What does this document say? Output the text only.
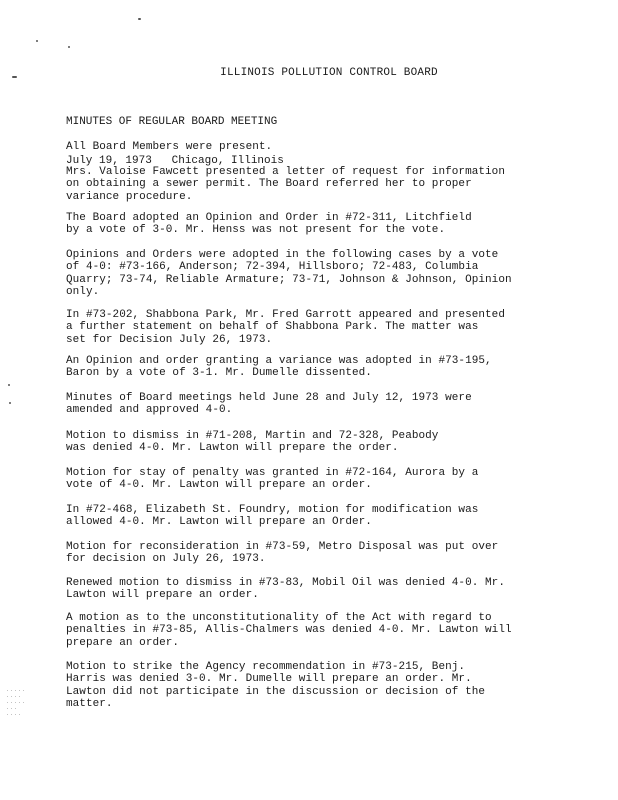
∙∙∙∙∙
∙∙∙∙
∙∙∙∙∙
∙∙∙
∙∙∙∙
ILLINOIS POLLUTION CONTROL BOARD

MINUTES OF REGULAR BOARD MEETING

July 19, 1973   Chicago, Illinois

All Board Members were present.

Mrs. Valoise Fawcett presented a letter of request for information
on obtaining a sewer permit. The Board referred her to proper
variance procedure.

The Board adopted an Opinion and Order in #72-311, Litchfield
by a vote of 3-0. Mr. Henss was not present for the vote.

Opinions and Orders were adopted in the following cases by a vote
of 4-0: #73-166, Anderson; 72-394, Hillsboro; 72-483, Columbia
Quarry; 73-74, Reliable Armature; 73-71, Johnson & Johnson, Opinion
only.

In #73-202, Shabbona Park, Mr. Fred Garrott appeared and presented
a further statement on behalf of Shabbona Park. The matter was
set for Decision July 26, 1973.

An Opinion and order granting a variance was adopted in #73-195,
Baron by a vote of 3-1. Mr. Dumelle dissented.

Minutes of Board meetings held June 28 and July 12, 1973 were
amended and approved 4-0.

Motion to dismiss in #71-208, Martin and 72-328, Peabody
was denied 4-0. Mr. Lawton will prepare the order.

Motion for stay of penalty was granted in #72-164, Aurora by a
vote of 4-0. Mr. Lawton will prepare an order.

In #72-468, Elizabeth St. Foundry, motion for modification was
allowed 4-0. Mr. Lawton will prepare an Order.

Motion for reconsideration in #73-59, Metro Disposal was put over
for decision on July 26, 1973.

Renewed motion to dismiss in #73-83, Mobil Oil was denied 4-0. Mr.
Lawton will prepare an order.

A motion as to the unconstitutionality of the Act with regard to
penalties in #73-85, Allis-Chalmers was denied 4-0. Mr. Lawton will
prepare an order.

Motion to strike the Agency recommendation in #73-215, Benj.
Harris was denied 3-0. Mr. Dumelle will prepare an order. Mr.
Lawton did not participate in the discussion or decision of the
matter.
